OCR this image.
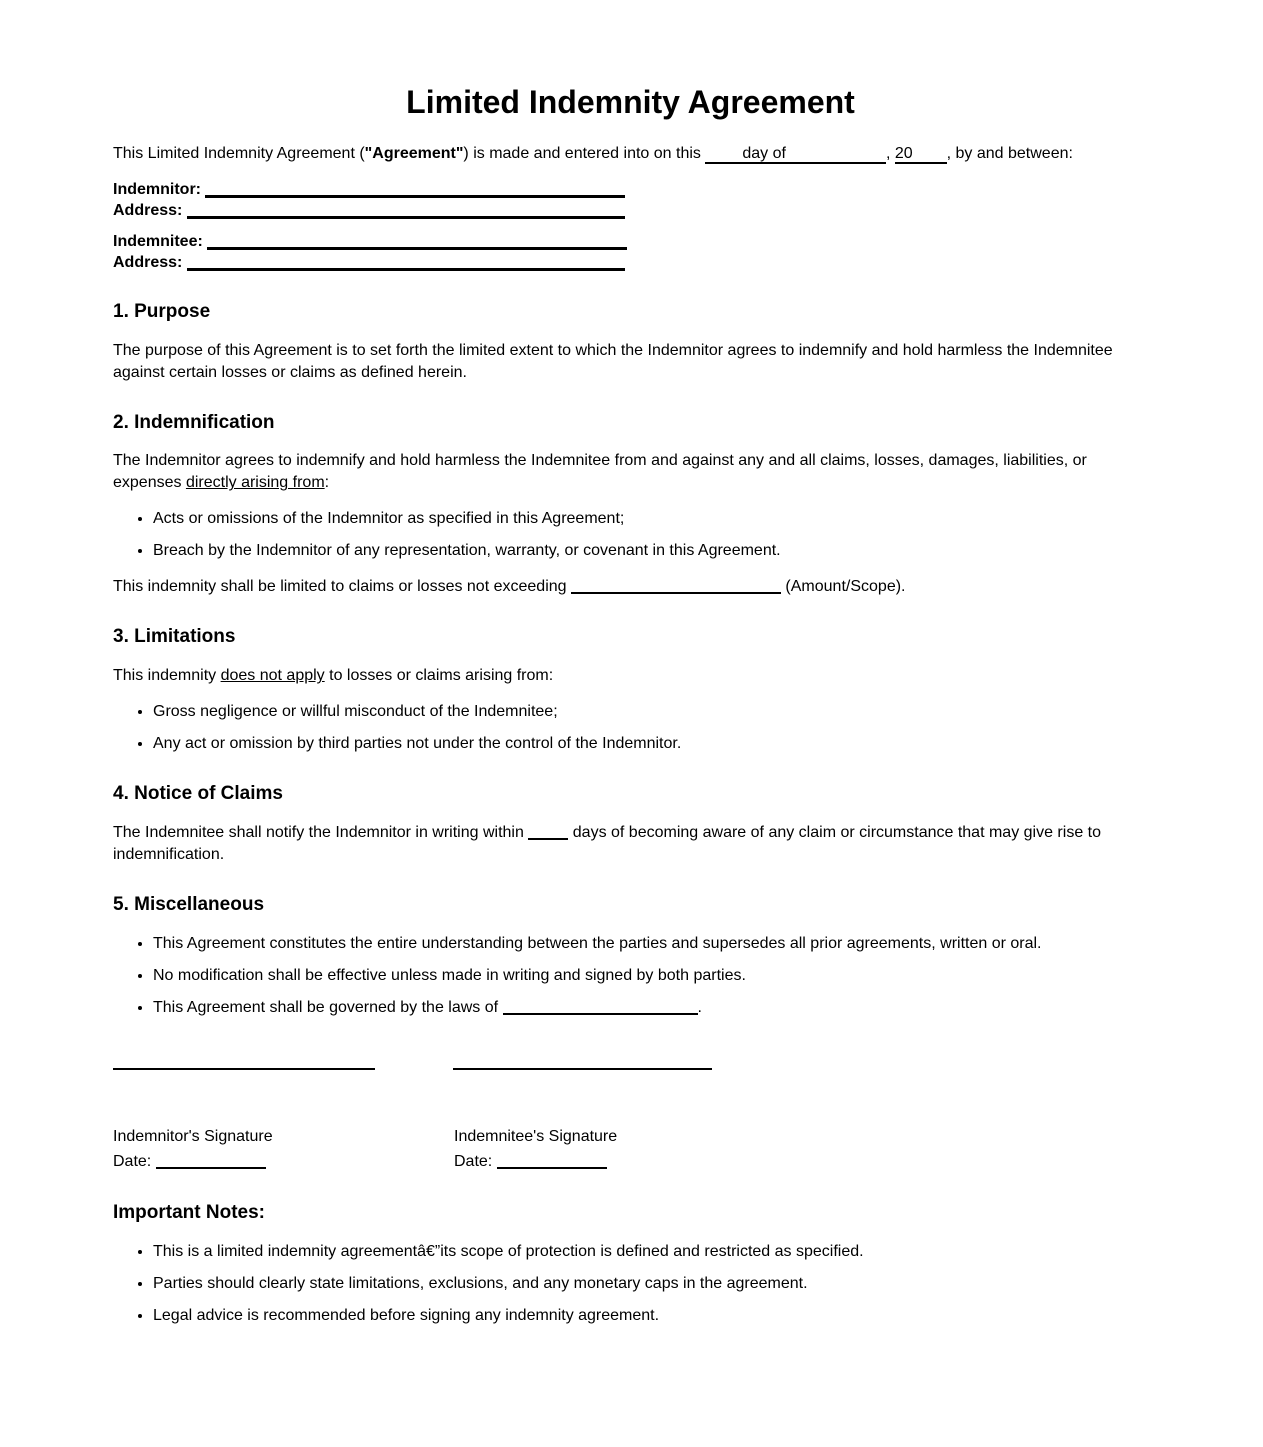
Limited Indemnity Agreement

This Limited Indemnity Agreement ("Agreement") is made and entered into on this day of	, 20 , by and between:

Indemnitor:
Address:

Indemnitee:
Address:

1. Purpose

The purpose of this Agreement is to set forth the limited extent to which the Indemnitor agrees to indemnify and hold harmless the Indemnitee against certain losses or claims as defined herein.

2. Indemnification

The Indemnitor agrees to indemnify and hold harmless the Indemnitee from and against any and all claims, losses, damages, liabilities, or expenses directly arising from:

• Acts or omissions of the Indemnitor as specified in this Agreement;
• Breach by the Indemnitor of any representation, warranty, or covenant in this Agreement.

This indemnity shall be limited to claims or losses not exceeding	(Amount/Scope).

3. Limitations

This indemnity does not apply to losses or claims arising from:

• Gross negligence or willful misconduct of the Indemnitee;
• Any act or omission by third parties not under the control of the Indemnitor.
4. Notice of Claims

The Indemnitee shall notify the Indemnitor in writing within	days of becoming aware of any claim or circumstance that may give rise to indemnification.

5. Miscellaneous
• This Agreement constitutes the entire understanding between the parties and supersedes all prior agreements, written or oral.
• No modification shall be effective unless made in writing and signed by both parties.
• This Agreement shall be governed by the laws of	.

Indemnitor's Signature

Date:

Indemnitee's Signature

Date:

Important Notes:
• This is a limited indemnity agreementâ€”its scope of protection is defined and restricted as specified.
• Parties should clearly state limitations, exclusions, and any monetary caps in the agreement.
• Legal advice is recommended before signing any indemnity agreement.
